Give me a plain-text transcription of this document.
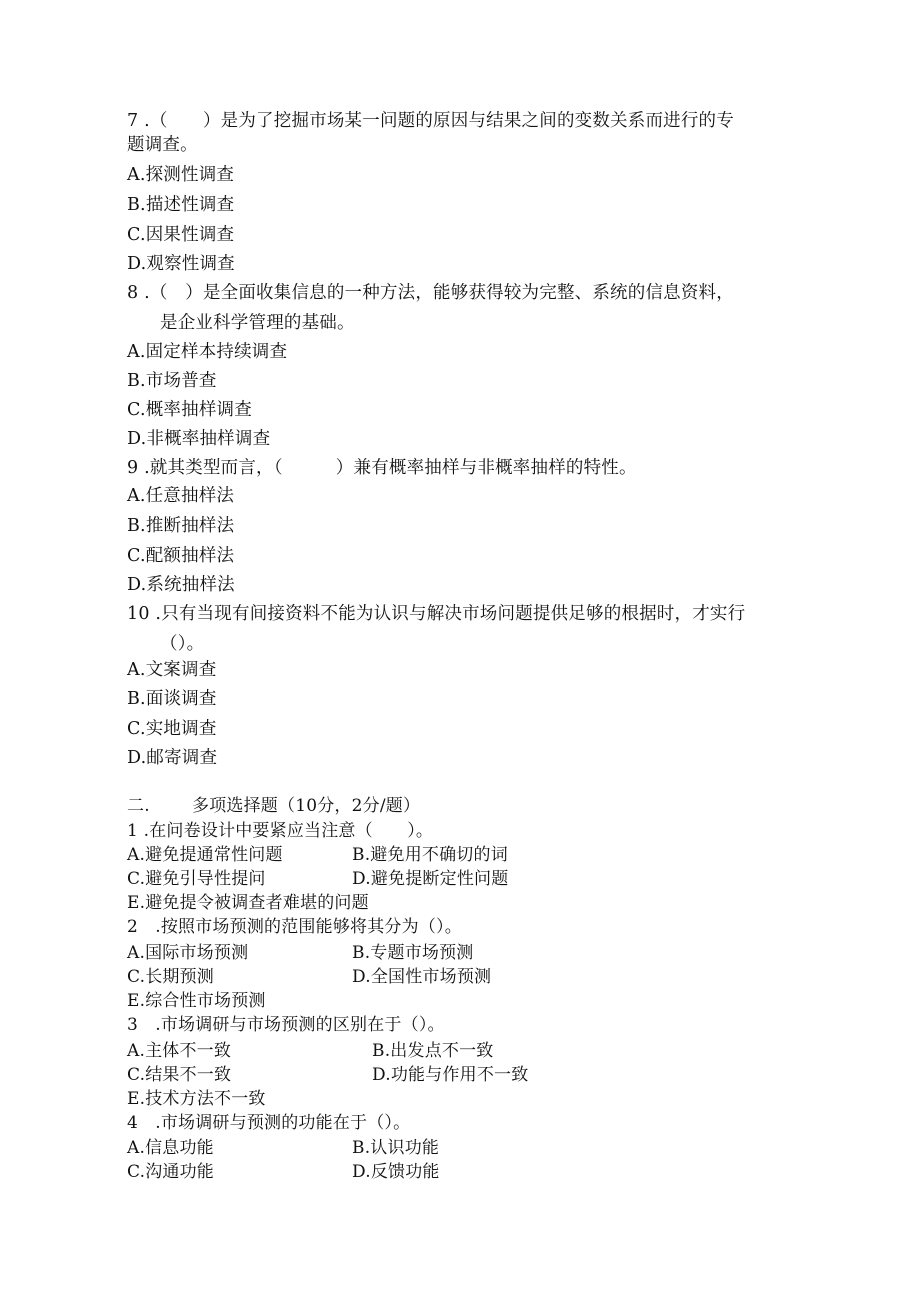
7 .（　　）是为了挖掘市场某一问题的原因与结果之间的变数关系而进行的专
题调查。
A.探测性调查
B.描述性调查
C.因果性调查
D.观察性调查
8 .（　）是全面收集信息的一种方法，能够获得较为完整、系统的信息资料，
是企业科学管理的基础。
A.固定样本持续调查
B.市场普查
C.概率抽样调查
D.非概率抽样调查
9 .就其类型而言，（　　　）兼有概率抽样与非概率抽样的特性。
A.任意抽样法
B.推断抽样法
C.配额抽样法
D.系统抽样法
10 .只有当现有间接资料不能为认识与解决市场问题提供足够的根据时，才实行
（）。
A.文案调查
B.面谈调查
C.实地调查
D.邮寄调查
二. 多项选择题（10分，2分/题）
1 .在问卷设计中要紧应当注意（　　）。
A.避免提通常性问题	B.避免用不确切的词
C.避免引导性提问	D.避免提断定性问题
E.避免提令被调查者难堪的问题
2　.按照市场预测的范围能够将其分为（）。
A.国际市场预测	B.专题市场预测
C.长期预测	D.全国性市场预测
E.综合性市场预测
3　.市场调研与市场预测的区别在于（）。
A.主体不一致	B.出发点不一致
C.结果不一致	D.功能与作用不一致
E.技术方法不一致
4　.市场调研与预测的功能在于（）。
A.信息功能	B.认识功能
C.沟通功能	D.反馈功能
